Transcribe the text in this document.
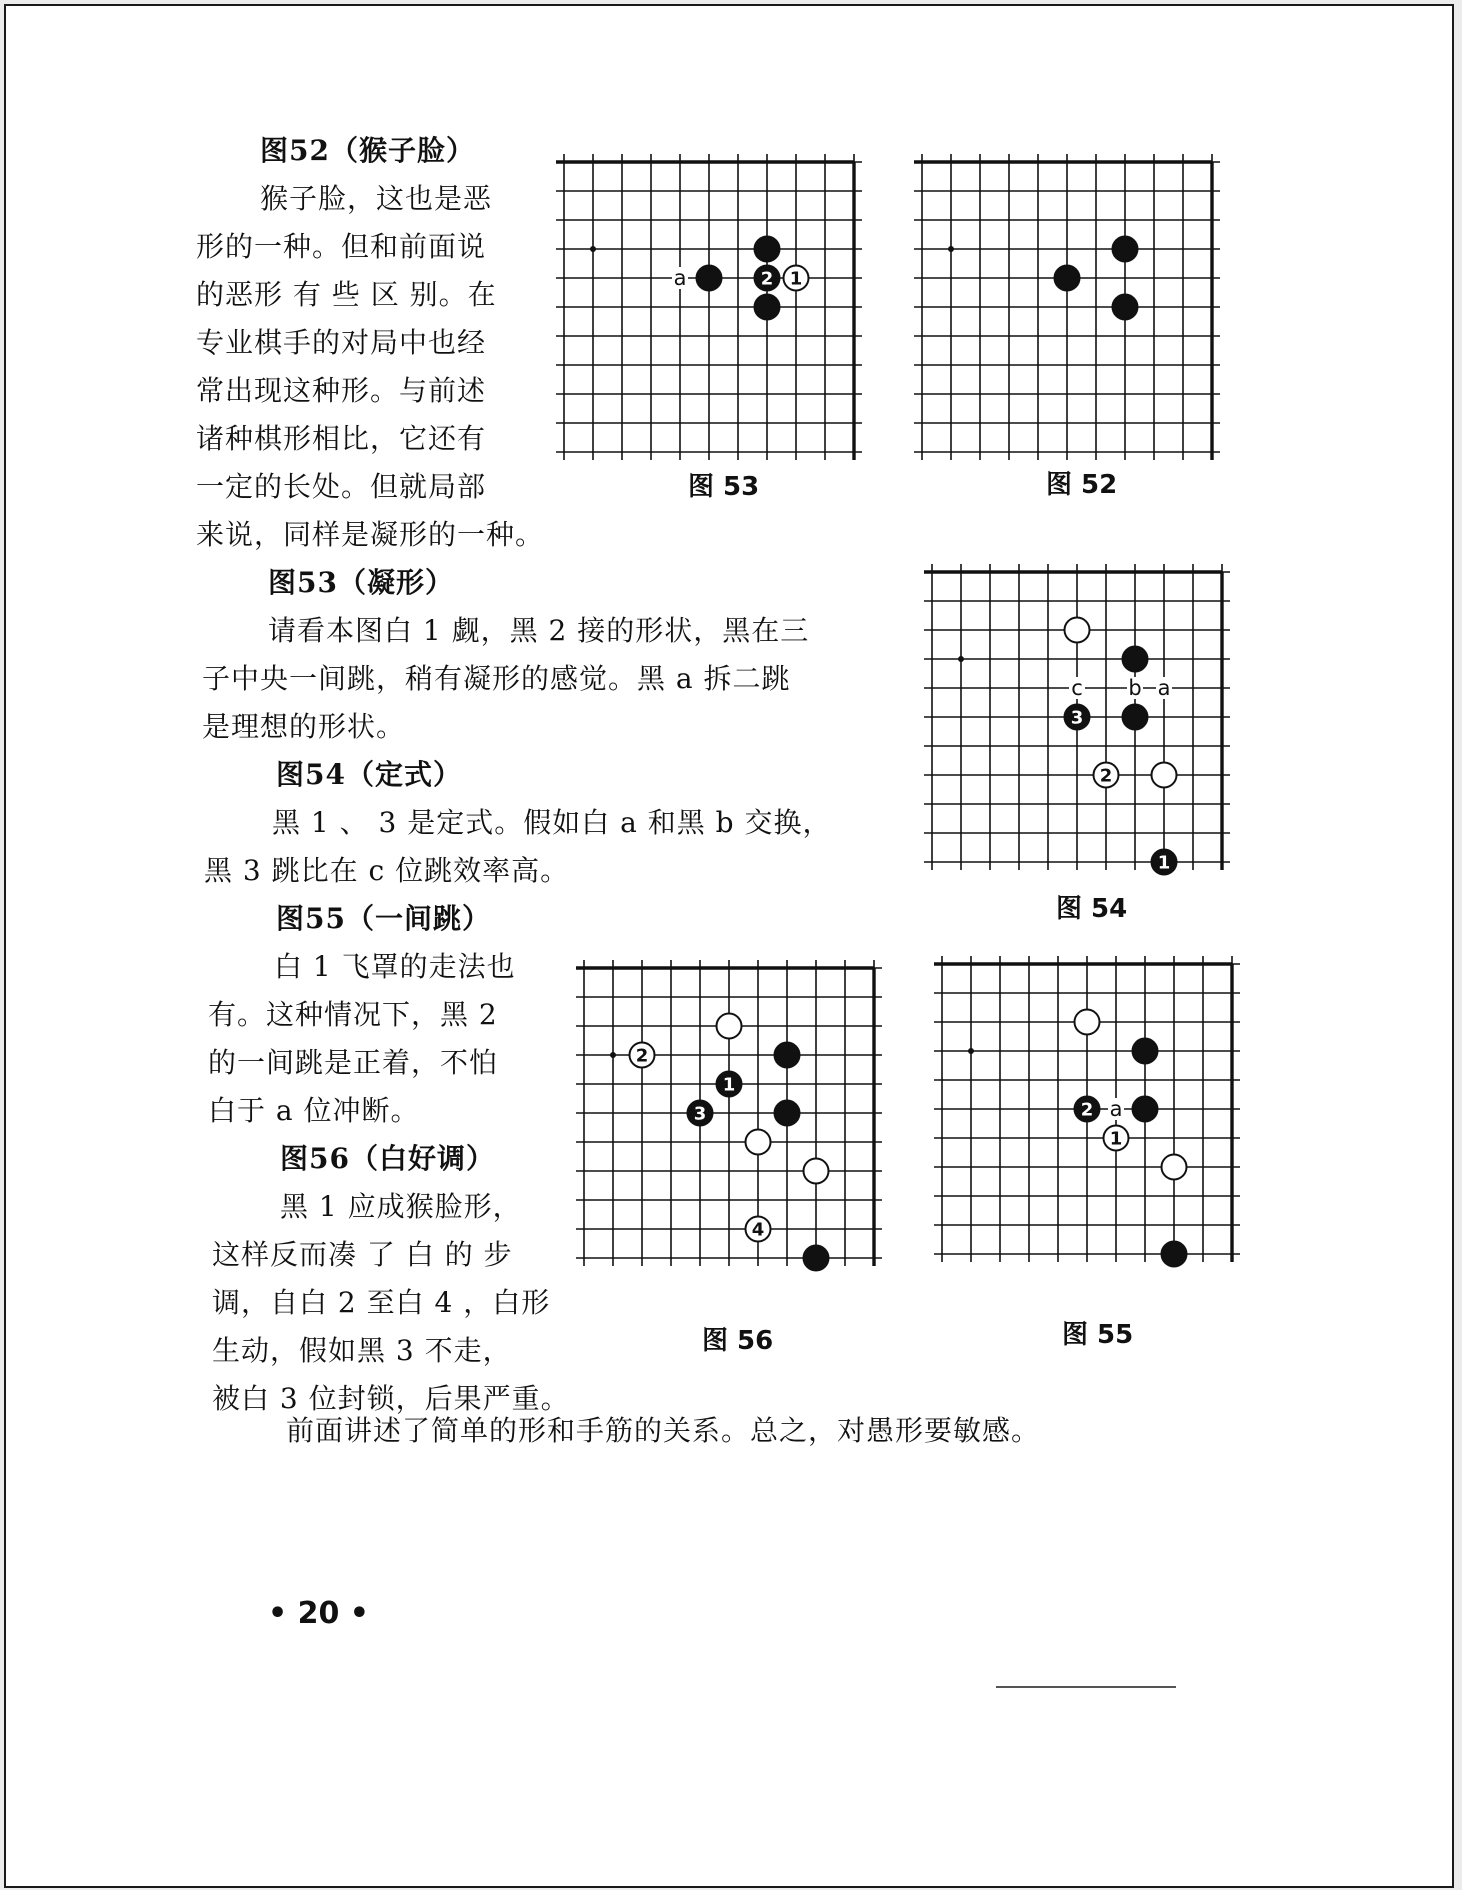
图52（猴子脸）
猴子脸，这也是恶
形的一种。但和前面说
的恶形 有 些 区 别。在
专业棋手的对局中也经
常出现这种形。与前述
诸种棋形相比，它还有
一定的长处。但就局部
来说，同样是凝形的一种。
图53（凝形）
请看本图白 1 觑，黑 2 接的形状，黑在三
子中央一间跳，稍有凝形的感觉。黑 a 拆二跳
是理想的形状。
图54（定式）
黑 1 、 3 是定式。假如白 a 和黑 b 交换，
黑 3 跳比在 c 位跳效率高。
图55（一间跳）
白 1 飞罩的走法也
有。这种情况下，黑 2
的一间跳是正着，不怕
白于 a 位冲断。
图56（白好调）
黑 1 应成猴脸形，
这样反而凑 了 白 的 步
调，自白 2 至白 4 ，白形
生动，假如黑 3 不走，
被白 3 位封锁，后果严重。
前面讲述了简单的形和手筋的关系。总之，对愚形要敏感。
a	2 1
c b a
3
2
1
2
1
3
4
a
2
1
图 53	图 52
图 54
图 56	图 55
• 20 •
